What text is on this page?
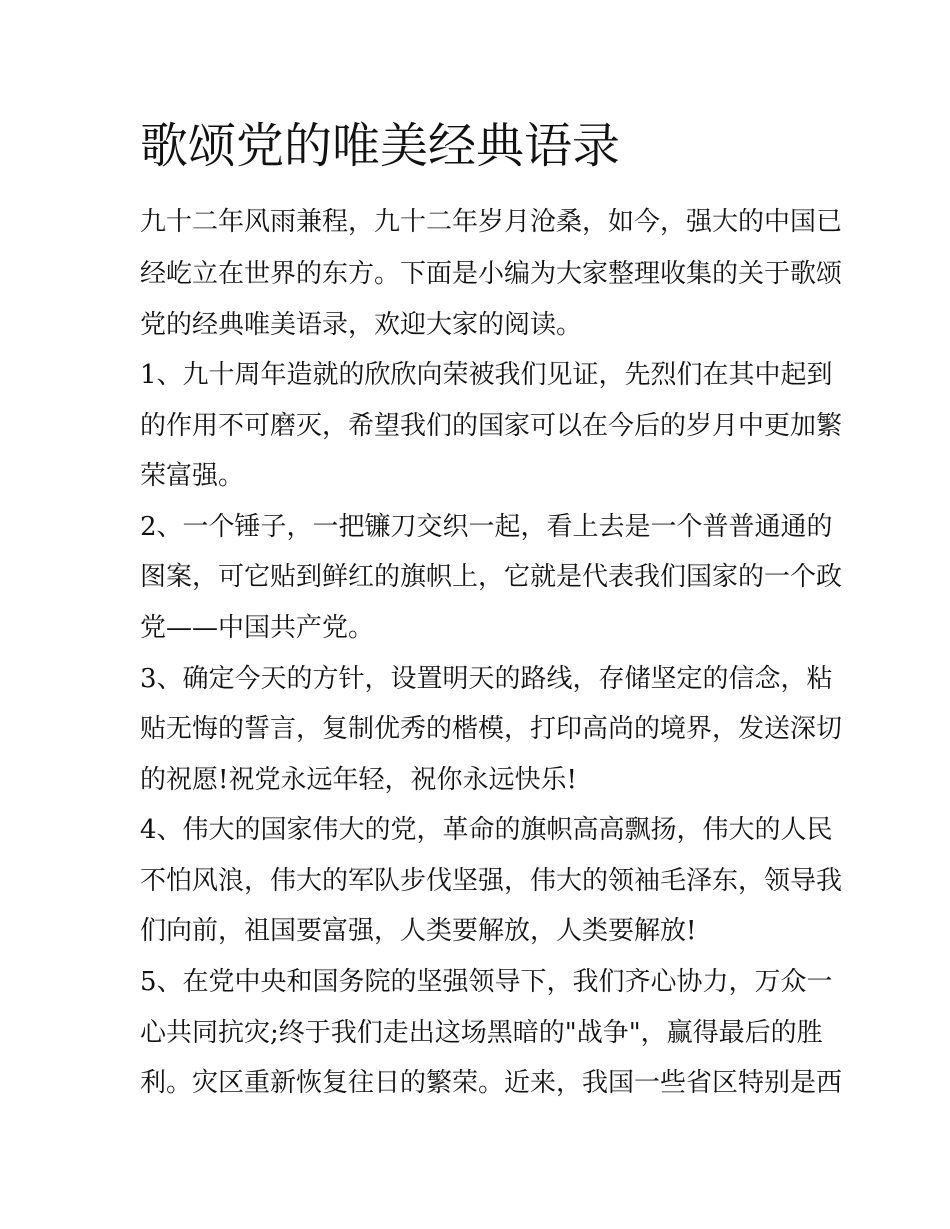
歌颂党的唯美经典语录

九十二年风雨兼程，九十二年岁月沧桑，如今，强大的中国已

经屹立在世界的东方。下面是小编为大家整理收集的关于歌颂

党的经典唯美语录，欢迎大家的阅读。

1、九十周年造就的欣欣向荣被我们见证，先烈们在其中起到

的作用不可磨灭，希望我们的国家可以在今后的岁月中更加繁

荣富强。

2、一个锤子，一把镰刀交织一起，看上去是一个普普通通的

图案，可它贴到鲜红的旗帜上，它就是代表我们国家的一个政

党——中国共产党。

3、确定今天的方针，设置明天的路线，存储坚定的信念，粘

贴无悔的誓言，复制优秀的楷模，打印高尚的境界，发送深切

的祝愿!祝党永远年轻，祝你永远快乐!

4、伟大的国家伟大的党，革命的旗帜高高飘扬，伟大的人民

不怕风浪，伟大的军队步伐坚强，伟大的领袖毛泽东，领导我

们向前，祖国要富强，人类要解放，人类要解放!

5、在党中央和国务院的坚强领导下，我们齐心协力，万众一

心共同抗灾;终于我们走出这场黑暗的"战争"，赢得最后的胜

利。灾区重新恢复往日的繁荣。近来，我国一些省区特别是西
